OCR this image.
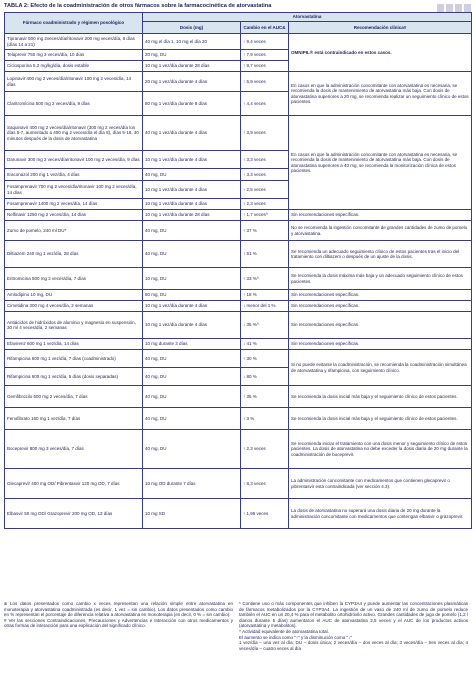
TABLA 2: Efecto de la coadministración de otros fármacos sobre la farmacocinética de atorvastatina
Fármaco coadministrado y régimen posológico	Atorvastatina		
	Dosis (mg)	Cambio en el AUC&	Recomendación clínica#
Tipranavir 500 mg 2veces/día/ritonavir 200 mg veces/día, 8 días (días 14 a 21)	40 mg el día 1, 10 mg el día 20	↑ 9,4 veces	OMNIPIL® está contraindicado en estos casos.
Telaprevir 750 mg 3 veces/día, 10 días	20 mg, DU	↑ 7,9 veces	
Ciclosporina 5,2 mg/kg/día, dosis estable	10 mg 1 vez/día durante 28 días	↑ 8,7 veces	
Lopinavir 400 mg 2 veces/día/ritonavir 100 mg 2 veces/día, 14 días	20 mg 1 vez/día durante 4 días	↑ 5,9 veces	En casos en que la administración concomitante con atorvastatina es necesaria, se recomienda la dosis de mantenimiento de atorvastatina más baja. Con dosis de atorvastatina superiores a 20 mg, se recomienda realizar un seguimiento clínico de estos pacientes.
Claritromicina 500 mg 2 veces/día, 9 días	80 mg 1 vez/día durante 8 días	↑ 4,4 veces	
Saquinavir 400 mg 2 veces/día/ritonavir (300 mg 2 veces/día los días 5-7, aumentado a 400 mg 2 veces/día el día 8), días 5-18, 30 minutos después de la dosis de atorvastatina	40 mg 1 vez/día durante 4 días	↑ 3,9 veces	En casos en que la administración concomitante con atorvastatina es necesaria, se recomienda la dosis de mantenimiento de atorvastatina más baja. Con dosis de atorvastatina superiores a 40 mg, se recomienda la monitorización clínica de estos pacientes.
Darunavir 300 mg 2 veces/día/ritonavir 100 mg 2 veces/día, 9 días	10 mg 1 vez/día durante 4 días	↑ 3,3 veces	
Itraconazol 200 mg 1 vez/día, 4 días	40 mg, DU	↑ 3,3 veces	
Fosamprenavir 700 mg 2 veces/día/ritonavir 100 mg 2 veces/día, 14 días	10 mg 1 vez/día durante 4 días	↑ 2,5 veces	
Fosamprenavir 1400 mg 2 veces/día, 14 días	10 mg 1 vez/día durante 4 días	↑ 2,3 veces	
Nelfinavir 1250 mg 2 veces/día, 14 días	10 mg 1 vez/día durante 28 días	↑ 1,7 veces^	Sin recomendaciones específicas.
Zumo de pomelo, 240 ml DU*	40 mg, DU	↑ 37 %	No se recomienda la ingestión concomitante de grandes cantidades de zumo de pomelo y atorvastatina.
Diltiazem 240 mg 1 vez/día, 28 días	40 mg, DU	↑ 51 %	Se recomienda un adecuado seguimiento clínico de estos pacientes tras el inicio del tratamiento con diltiazem o después de un ajuste de la dosis.
Eritromicina 500 mg 2 veces/día, 7 días	10 mg, DU	↑ 33 %^	Se recomienda la dosis máxima más baja y un adecuado seguimiento clínico de estos pacientes.
Amlodipino 10 mg, DU	80 mg, DU	↑ 18 %	Sin recomendaciones específicas.
Cimetidina 300 mg 4 veces/día, 2 semanas	10 mg 1 vez/día durante 4 días	↓ menor del 1 %	Sin recomendaciones específicas.
Antiácidos de hidróxidos de aluminio y magnesio en suspensión, 30 ml 4 veces/día, 2 semanas	10 mg 1 vez/día durante 4 días	↓ 35 %^	Sin recomendaciones específicas.
Efavirenz 600 mg 1 vez/día, 14 días	10 mg durante 3 días	↓ 41 %	Sin recomendaciones específicas.
Rifampicina 600 mg 1 vez/día, 7 días (coadministrado)	40 mg, DU	↑ 30 %	Si no puede evitarse la coadministración, se recomienda la coadministración simultánea de atorvastatina y rifampicina, con seguimiento clínico.
Rifampicina 600 mg 1 vez/día, 5 días (dosis separadas)	40 mg, DU	↓ 80 %	
Gemfibrozilo 600 mg 2 veces/día, 7 días	40 mg, DU	↑ 35 %	Se recomienda la dosis inicial más baja y el seguimiento clínico de estos pacientes.
Fenofibrato 160 mg 1 vez/día, 7 días	40 mg, DU	↑ 3 %	Se recomienda la dosis inicial más baja y el seguimiento clínico de estos pacientes.
Boceprevir 800 mg 3 veces/día, 7 días	40 mg, DU	↑ 2,3 veces	Se recomienda iniciar el tratamiento con una dosis menor y seguimiento clínico de estos pacientes. La dosis de atorvastatina no debe exceder la dosis diaria de 20 mg durante la coadministración de boceprevir.
Glecaprevir 400 mg OD/ Pibrentasvir 120 mg OD, 7 días	10 mg OD durante 7 días	↑ 8,3 veces	La administración concomitante con medicamentos que contienen glecaprevir o pibrentasvir está contraindicada (ver sección 4.3).
Elbasvir 50 mg OD/ Grazoprevir 200 mg OD, 13 días	10 mg SD	↑ 1,95 veces	La dosis de atorvastatina no superará una dosis diaria de 20 mg durante la administración concomitante con medicamentos que contengan elbasvir o grazoprevir.

& Los datos presentados como cambio x veces representan una relación simple entre atorvastatina en monoterapia y atorvastatina coadministrada (es decir, 1 vez = sin cambio). Los datos presentados como cambio en % representan el porcentaje de diferencia relativa a atorvastatina en monoterapia (es decir, 0 % = sin cambio).

# Ver las secciones Contraindicaciones, Precauciones y Advertencias e Interacción con otros medicamentos y otras formas de interacción para una explicación del significado clínico.

* Contiene uno o más componentes que inhiben la CYP3A4 y puede aumentar las concentraciones plasmáticas de fármacos metabolizados por la CYP3A4. La ingestión de un vaso de 240 ml de zumo de pomelo reduce también el AUC en un 20,4 % para el metabolito ortohidróxilo activo. Grandes cantidades de jugo de pomelo (1,2 l diarios durante 5 días) aumentaron el AUC de atorvastatina 2,5 veces y el AUC de los productos activos (atorvastatina y metabolitos).

^ Actividad equivalente de atorvastatina total.

El aumento se indica como "↑" y la disminución como "↓"

1 vez/día – una vez al día; DU – dosis única; 2 veces/día – dos veces al día; 3 veces/día – tres veces al día; 4 veces/día – cuatro veces al día
